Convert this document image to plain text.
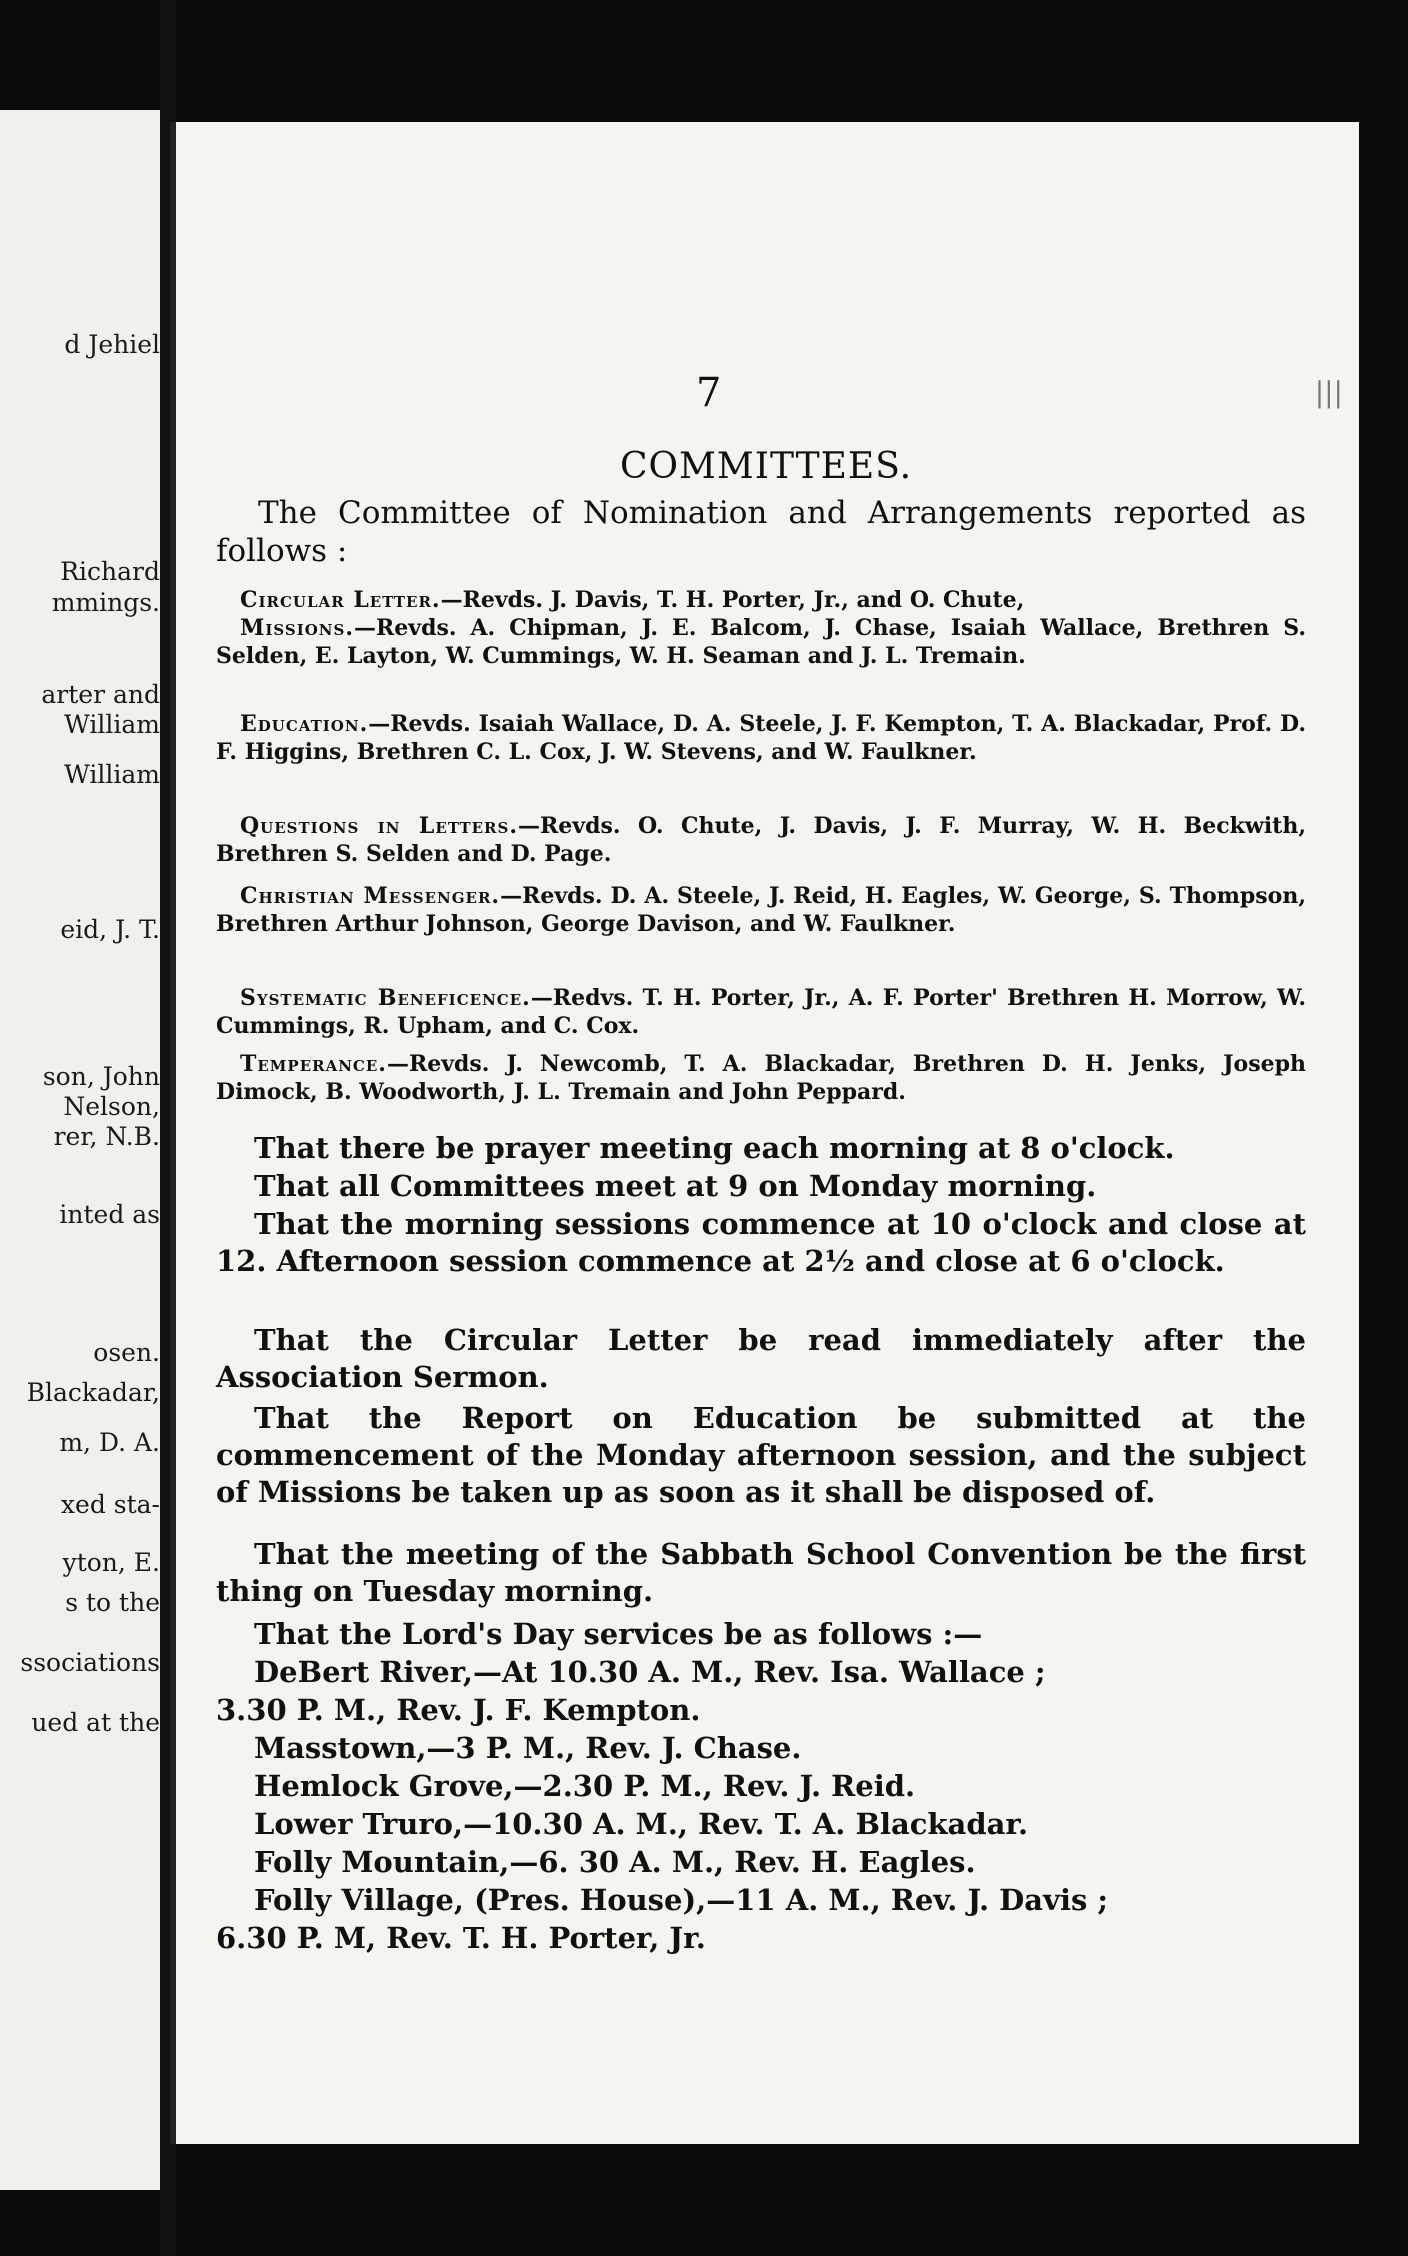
d Jehiel
Richard
mmings.
arter and
William
William
eid, J. T.
son, John
Nelson,
rer, N.B.
inted as
osen.
Blackadar,
m, D. A.
xed sta-
yton, E.
s to the
ssociations
ued at the
7
COMMITTEES.
The Committee of Nomination and Arrangements reported as follows :
Circular Letter.—Revds. J. Davis, T. H. Porter, Jr., and O. Chute,
Missions.—Revds. A. Chipman, J. E. Balcom, J. Chase, Isaiah Wallace, Brethren S. Selden, E. Layton, W. Cummings, W. H. Seaman and J. L. Tremain.
Education.—Revds. Isaiah Wallace, D. A. Steele, J. F. Kempton, T. A. Blackadar, Prof. D. F. Higgins, Brethren C. L. Cox, J. W. Stevens, and W. Faulkner.
Questions in Letters.—Revds. O. Chute, J. Davis, J. F. Murray, W. H. Beckwith, Brethren S. Selden and D. Page.
Christian Messenger.—Revds. D. A. Steele, J. Reid, H. Eagles, W. George, S. Thompson, Brethren Arthur Johnson, George Davison, and W. Faulkner.
Systematic Beneficence.—Redvs. T. H. Porter, Jr., A. F. Porter' Brethren H. Morrow, W. Cummings, R. Upham, and C. Cox.
Temperance.—Revds. J. Newcomb, T. A. Blackadar, Brethren D. H. Jenks, Joseph Dimock, B. Woodworth, J. L. Tremain and John Peppard.
That there be prayer meeting each morning at 8 o'clock.
That all Committees meet at 9 on Monday morning.
That the morning sessions commence at 10 o'clock and close at 12. Afternoon session commence at 2½ and close at 6 o'clock.
That the Circular Letter be read immediately after the Association Sermon.
That the Report on Education be submitted at the commencement of the Monday afternoon session, and the subject of Missions be taken up as soon as it shall be disposed of.
That the meeting of the Sabbath School Convention be the first thing on Tuesday morning.
That the Lord's Day services be as follows :—
DeBert River,—At 10.30 A. M., Rev. Isa. Wallace ;
3.30 P. M., Rev. J. F. Kempton.
Masstown,—3 P. M., Rev. J. Chase.
Hemlock Grove,—2.30 P. M., Rev. J. Reid.
Lower Truro,—10.30 A. M., Rev. T. A. Blackadar.
Folly Mountain,—6. 30 A. M., Rev. H. Eagles.
Folly Village, (Pres. House),—11 A. M., Rev. J. Davis ;
6.30 P. M, Rev. T. H. Porter, Jr.
|||
